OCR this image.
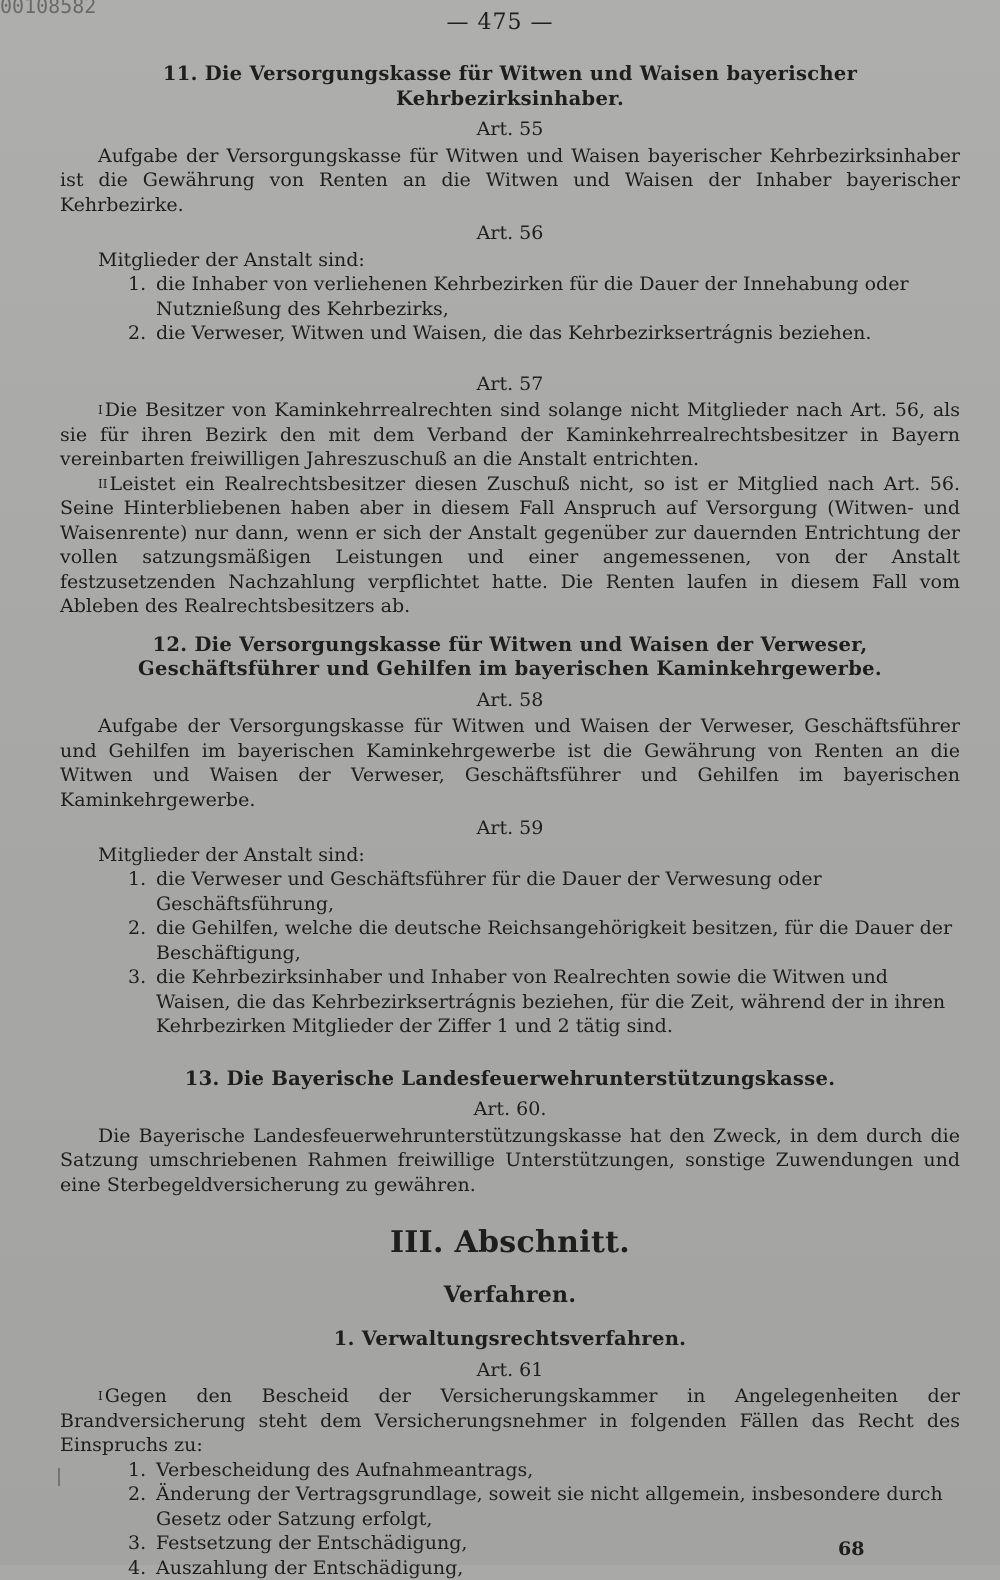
00108582
— 475 —
11. Die Versorgungskasse für Witwen und Waisen bayerischer Kehrbezirksinhaber.
Art. 55

Aufgabe der Versorgungskasse für Witwen und Waisen bayerischer Kehrbezirksinhaber ist die Gewährung von Renten an die Witwen und Waisen der Inhaber bayerischer Kehrbezirke.

Art. 56

Mitglieder der Anstalt sind:

1. die Inhaber von verliehenen Kehrbezirken für die Dauer der Innehabung oder Nutznießung des Kehrbezirks,
2. die Verweser, Witwen und Waisen, die das Kehrbezirksertrágnis beziehen.
Art. 57

$^I$ Die Besitzer von Kaminkehrrealrechten sind solange nicht Mitglieder nach Art. 56, als sie für ihren Bezirk den mit dem Verband der Kaminkehrrealrechtsbesitzer in Bayern vereinbarten freiwilligen Jahreszuschuß an die Anstalt entrichten.

$^{II}$ Leistet ein Realrechtsbesitzer diesen Zuschuß nicht, so ist er Mitglied nach Art. 56. Seine Hinterbliebenen haben aber in diesem Fall Anspruch auf Versorgung (Witwen- und Waisenrente) nur dann, wenn er sich der Anstalt gegenüber zur dauernden Entrichtung der vollen satzungsmäßigen Leistungen und einer angemessenen, von der Anstalt festzusetzenden Nachzahlung verpflichtet hatte. Die Renten laufen in diesem Fall vom Ableben des Realrechtsbesitzers ab.

12. Die Versorgungskasse für Witwen und Waisen der Verweser, Geschäftsführer und Gehilfen im bayerischen Kaminkehrgewerbe.
Art. 58

Aufgabe der Versorgungskasse für Witwen und Waisen der Verweser, Geschäftsführer und Gehilfen im bayerischen Kaminkehrgewerbe ist die Gewährung von Renten an die Witwen und Waisen der Verweser, Geschäftsführer und Gehilfen im bayerischen Kaminkehrgewerbe.

Art. 59

Mitglieder der Anstalt sind:

1. die Verweser und Geschäftsführer für die Dauer der Verwesung oder Geschäftsführung,
2. die Gehilfen, welche die deutsche Reichsangehörigkeit besitzen, für die Dauer der Beschäftigung,
3. die Kehrbezirksinhaber und Inhaber von Realrechten sowie die Witwen und Waisen, die das Kehrbezirksertrágnis beziehen, für die Zeit, während der in ihren Kehrbezirken Mitglieder der Ziffer 1 und 2 tätig sind.
13. Die Bayerische Landesfeuerwehrunterstützungskasse.
Art. 60.

Die Bayerische Landesfeuerwehrunterstützungskasse hat den Zweck, in dem durch die Satzung umschriebenen Rahmen freiwillige Unterstützungen, sonstige Zuwendungen und eine Sterbegeldversicherung zu gewähren.

III. Abschnitt.
Verfahren.
1. Verwaltungsrechtsverfahren.
Art. 61

$^I$ Gegen den Bescheid der Versicherungskammer in Angelegenheiten der Brandversicherung steht dem Versicherungsnehmer in folgenden Fällen das Recht des Einspruchs zu:

1. Verbescheidung des Aufnahmeantrags,
2. Änderung der Vertragsgrundlage, soweit sie nicht allgemein, insbesondere durch Gesetz oder Satzung erfolgt,
3. Festsetzung der Entschädigung,
4. Auszahlung der Entschädigung,
68
